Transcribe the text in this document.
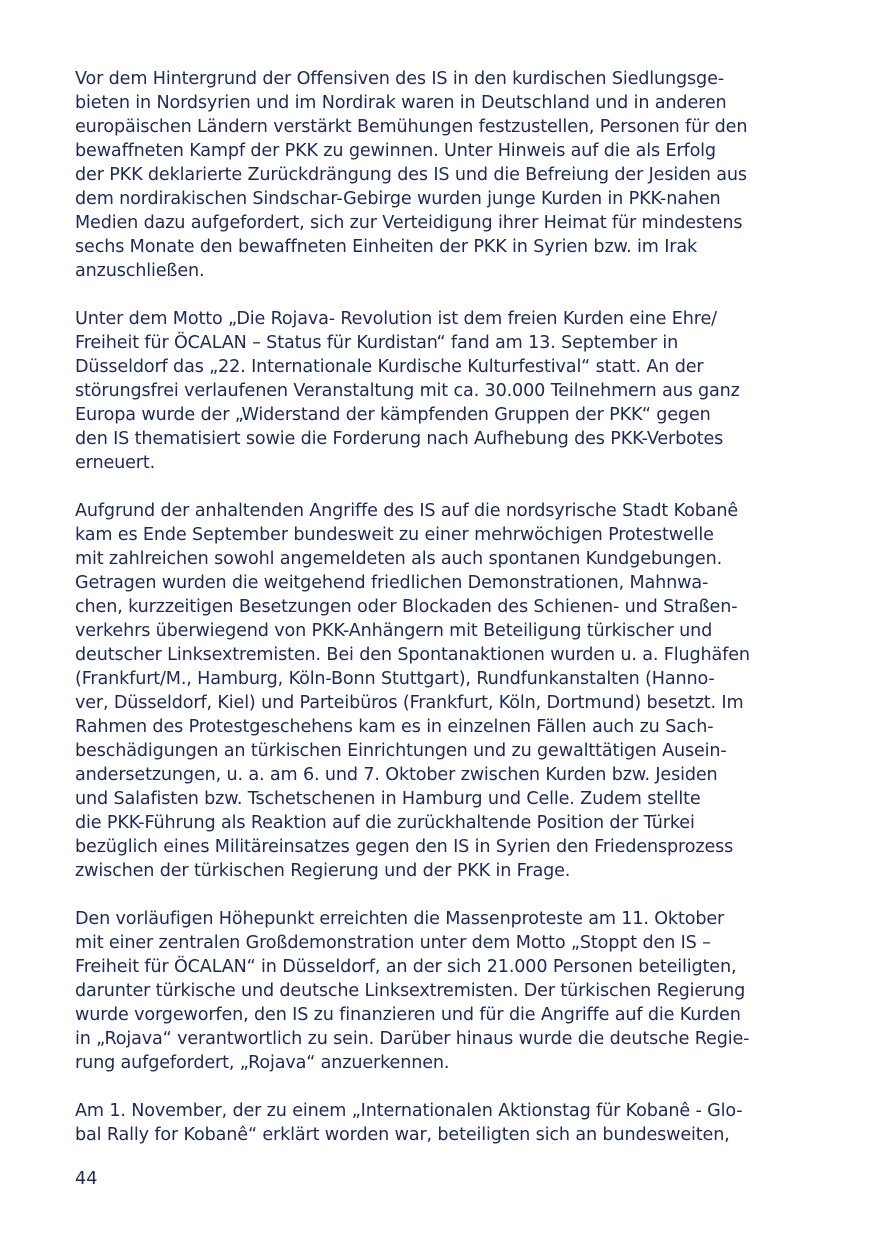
Vor dem Hintergrund der Offensiven des IS in den kurdischen Siedlungsge-
bieten in Nordsyrien und im Nordirak waren in Deutschland und in anderen
europäischen Ländern verstärkt Bemühungen festzustellen, Personen für den
bewaffneten Kampf der PKK zu gewinnen. Unter Hinweis auf die als Erfolg
der PKK deklarierte Zurückdrängung des IS und die Befreiung der Jesiden aus
dem nordirakischen Sindschar-Gebirge wurden junge Kurden in PKK-nahen
Medien dazu aufgefordert, sich zur Verteidigung ihrer Heimat für mindestens
sechs Monate den bewaffneten Einheiten der PKK in Syrien bzw. im Irak
anzuschließen.
Unter dem Motto „Die Rojava- Revolution ist dem freien Kurden eine Ehre/
Freiheit für ÖCALAN – Status für Kurdistan“ fand am 13. September in
Düsseldorf das „22. Internationale Kurdische Kulturfestival“ statt. An der
störungsfrei verlaufenen Veranstaltung mit ca. 30.000 Teilnehmern aus ganz
Europa wurde der „Widerstand der kämpfenden Gruppen der PKK“ gegen
den IS thematisiert sowie die Forderung nach Aufhebung des PKK-Verbotes
erneuert.
Aufgrund der anhaltenden Angriffe des IS auf die nordsyrische Stadt Kobanê
kam es Ende September bundesweit zu einer mehrwöchigen Protestwelle
mit zahlreichen sowohl angemeldeten als auch spontanen Kundgebungen.
Getragen wurden die weitgehend friedlichen Demonstrationen, Mahnwa-
chen, kurzzeitigen Besetzungen oder Blockaden des Schienen- und Straßen-
verkehrs überwiegend von PKK-Anhängern mit Beteiligung türkischer und
deutscher Linksextremisten. Bei den Spontanaktionen wurden u. a. Flughäfen
(Frankfurt/M., Hamburg, Köln-Bonn Stuttgart), Rundfunkanstalten (Hanno-
ver, Düsseldorf, Kiel) und Parteibüros (Frankfurt, Köln, Dortmund) besetzt. Im
Rahmen des Protestgeschehens kam es in einzelnen Fällen auch zu Sach-
beschädigungen an türkischen Einrichtungen und zu gewalttätigen Ausein-
andersetzungen, u. a. am 6. und 7. Oktober zwischen Kurden bzw. Jesiden
und Salafisten bzw. Tschetschenen in Hamburg und Celle. Zudem stellte
die PKK-Führung als Reaktion auf die zurückhaltende Position der Türkei
bezüglich eines Militäreinsatzes gegen den IS in Syrien den Friedensprozess
zwischen der türkischen Regierung und der PKK in Frage.
Den vorläufigen Höhepunkt erreichten die Massenproteste am 11. Oktober
mit einer zentralen Großdemonstration unter dem Motto „Stoppt den IS –
Freiheit für ÖCALAN“ in Düsseldorf, an der sich 21.000 Personen beteiligten,
darunter türkische und deutsche Linksextremisten. Der türkischen Regierung
wurde vorgeworfen, den IS zu finanzieren und für die Angriffe auf die Kurden
in „Rojava“ verantwortlich zu sein. Darüber hinaus wurde die deutsche Regie-
rung aufgefordert, „Rojava“ anzuerkennen.
Am 1. November, der zu einem „Internationalen Aktionstag für Kobanê - Glo-
bal Rally for Kobanê“ erklärt worden war, beteiligten sich an bundesweiten,
44
